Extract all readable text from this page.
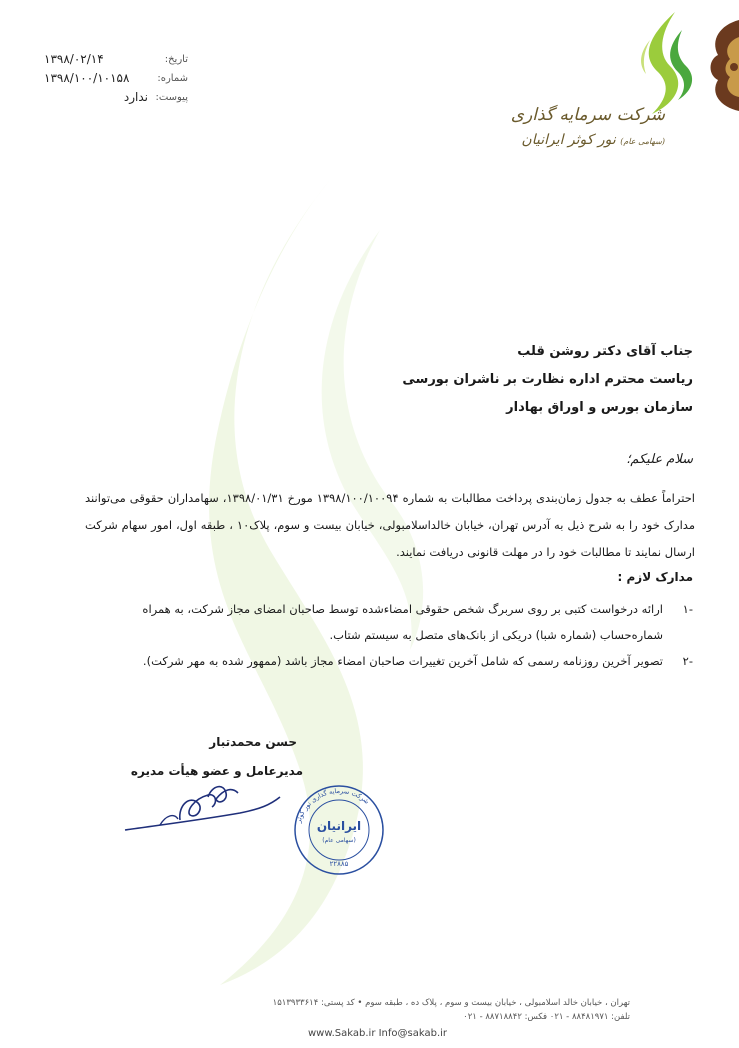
۱۳۹۸/۰۲/۱۴	تاریخ:
۱۳۹۸/۱۰۰/۱۰۱۵۸	شماره:
ندارد پیوست:
شرکت سرمایه گذاری
(سهامی عام) نور کوثر ایرانیان
جناب آقای دکتر روشن قلب
ریاست محترم اداره نظارت بر ناشران بورسی
سازمان بورس و اوراق بهادار
سلام علیکم؛
احتراماً عطف به جدول زمان‌بندی پرداخت مطالبات به شماره ۱۳۹۸/۱۰۰/۱۰۰۹۴ مورخ ۱۳۹۸/۰۱/۳۱، سهامداران حقوقی می‌توانند مدارک خود را به شرح ذیل به آدرس تهران، خیابان خالداسلامبولی، خیابان بیست و سوم، پلاک۱۰ ، طبقه اول، امور سهام شرکت ارسال نمایند تا مطالبات خود را در مهلت قانونی دریافت نمایند.
مدارک لازم :
-۱
ارائه درخواست کتبی بر روی سربرگ شخص حقوقی امضاءشده توسط صاحبان امضای مجاز شرکت، به همراه شماره‌حساب (شماره شبا) دریکی از بانک‌های متصل به سیستم شتاب.
-۲
تصویر آخرین روزنامه رسمی که شامل آخرین تغییرات صاحبان امضاء مجاز باشد (ممهور شده به مهر شرکت).
حسن محمدتبار
مدیرعامل و عضو هیأت مدیره
شرکت سرمایه گذاری نور کوثر
ایرانیان
(سهامی عام)
۲۲۸۸۵
تهران ، خیابان خالد اسلامبولی ، خیابان بیست و سوم ، پلاک ده ، طبقه سوم • کد پستی: ۱۵۱۳۹۳۳۶۱۴
تلفن: ۸۸۴۸۱۹۷۱ - ۰۲۱ فکس: ۸۸۷۱۸۸۴۲ - ۰۲۱
www.Sakab.ir Info@sakab.ir
